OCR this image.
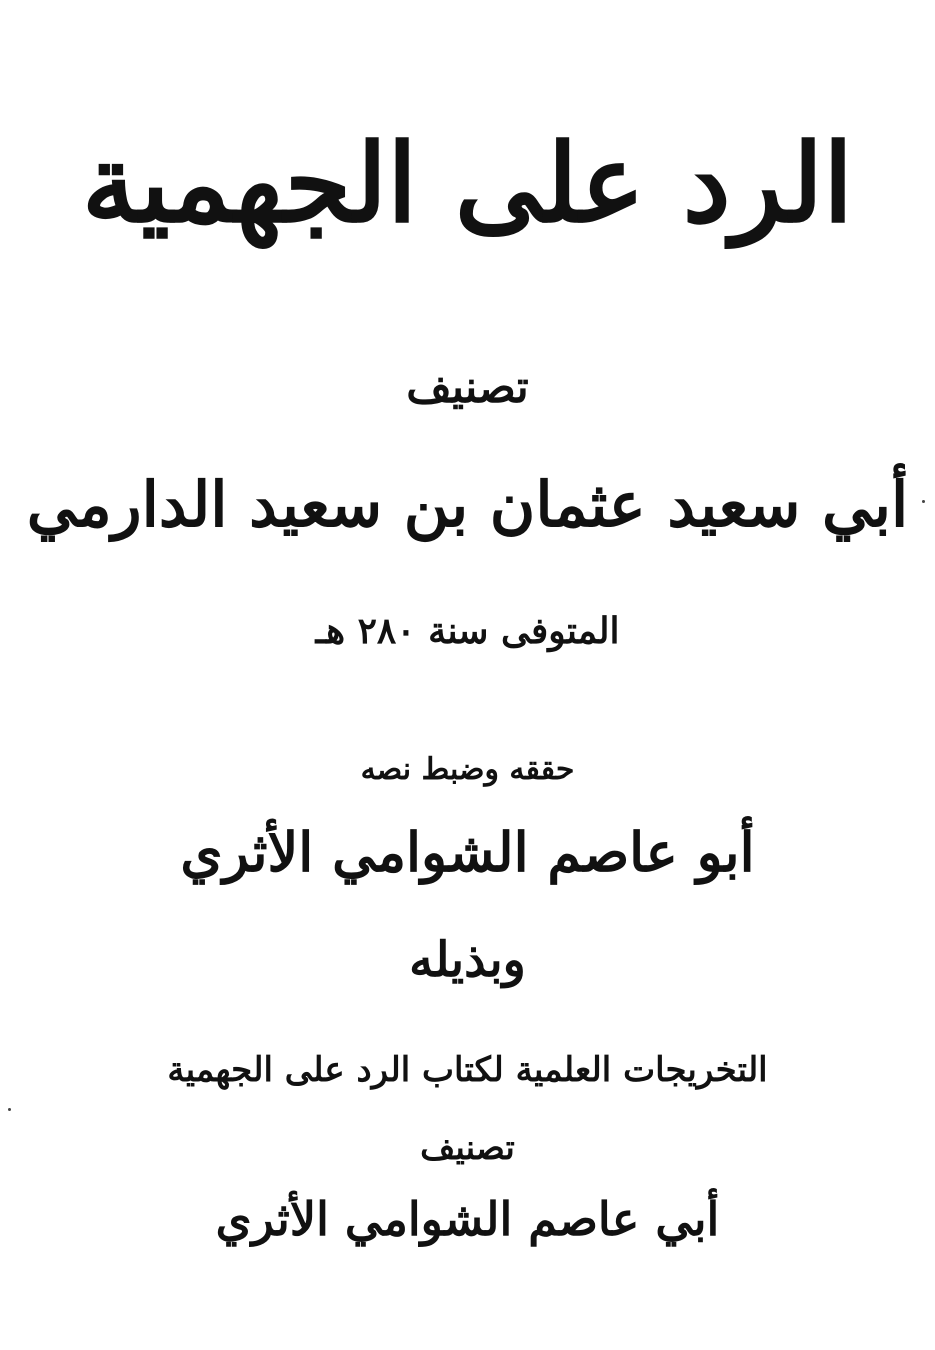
الرد على الجهمية
تصنيف
أبي سعيد عثمان بن سعيد الدارمي
المتوفى سنة ٢٨٠ هـ
حققه وضبط نصه
أبو عاصم الشوامي الأثري
وبذيله
التخريجات العلمية لكتاب الرد على الجهمية
تصنيف
أبي عاصم الشوامي الأثري
